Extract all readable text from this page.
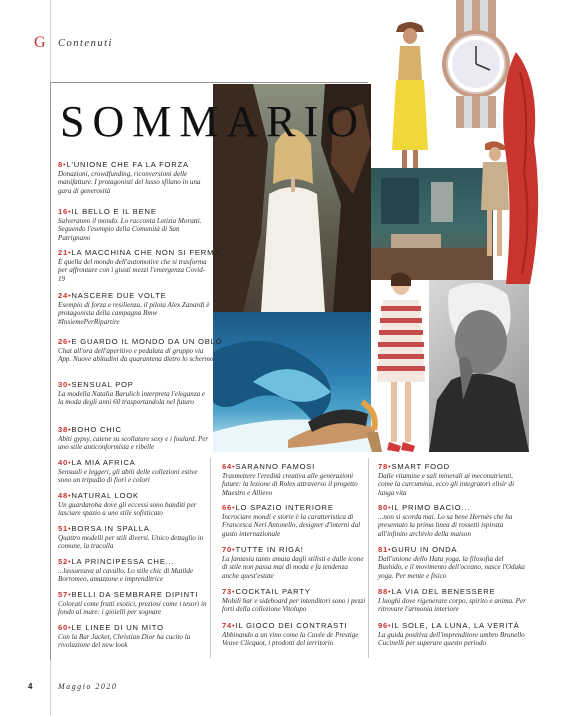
G Contenuti
SOMMARIO
8•L'UNIONE CHE FA LA FORZA
Donazioni, crowdfunding, riconversioni delle manifatture. I protagonisti del lusso sfilano in una gara di generosità
16•IL BELLO E IL BENE
Salveranno il mondo. Lo racconta Letizia Moratti. Seguendo l'esempio della Comunità di San Patrignano
21•LA MACCHINA CHE NON SI FERMA
È quella del mondo dell'automotive che si trasforma per affrontare con i giusti mezzi l'emergenza Covid-19
24•NASCERE DUE VOLTE
Esempio di forza e resilienza, il pilota Alex Zanardi è protagonista della campagna Bmw #InsiemePerRipartire
26•E GUARDO IL MONDO DA UN OBLÒ
Chat all'ora dell'aperitivo e pedalata di gruppo via App. Nuove abitudini da quarantena dietro lo schermo
30•SENSUAL POP
La modella Natalia Barulich interpreta l'eleganza e la moda degli anni 60 trasportandola nel futuro
38•BOHO CHIC
Abiti gypsy, catene su scollature sexy e i foulard. Per uno stile anticonformista e ribelle
40•LA MIA AFRICA
Sensuali e leggeri, gli abiti delle collezioni estive sono un tripudio di fiori e colori
48•NATURAL LOOK
Un guardaroba dove gli eccessi sono banditi per lasciare spazio a uno stile sofisticato
51•BORSA IN SPALLA
Quattro modelli per stili diversi. Unico dettaglio in comune, la tracolla
52•LA PRINCIPESSA CHE...
...lussureava al cavallo. Lo stile chic di Matilde Borromeo, amazzone e imprenditrice
57•BELLI DA SEMBRARE DIPINTI
Colorati come frutti esotici, preziosi come i tesori in fondo al mare: i gioielli per sognare
60•LE LINEE DI UN MITO
Con la Bar Jacket, Christian Dior ha cucito la rivoluzione del new look
64•SARANNO FAMOSI
Trasmettere l'eredità creativa alle generazioni future: la lezione di Rolex attraverso il progetto Maestro e Allievo
66•LO SPAZIO INTERIORE
Incrociare mondi e storie è la caratteristica di Francesca Neri Antonello, designer d'interni dal gusto internazionale
70•TUTTE IN RIGA!
La fantasia tanto amata dagli stilisti e dalle icone di stile non passa mai di moda e fa tendenza anche quest'estate
73•COCKTAIL PARTY
Mobili bar e sideboard per intenditori sono i pezzi forti della collezione Vitolupo
74•IL GIOCO DEI CONTRASTI
Abbinando a un vino come la Cuvée de Prestige Veuve Clicquot, i prodotti del territorio
78•SMART FOOD
Dalle vitamine e sali minerali ai meconutrienti, come la curcumina, ecco gli integratori elisir di lunga vita
80•IL PRIMO BACIO...
...non si scorda mai. Lo sa bene Hermès che ha presentato la prima linea di rossetti ispirata all'infinito archivio della maison
81•GURU IN ONDA
Dall'unione dello Hata yoga, la filosofia del Bushido, e il movimento dell'oceano, nasce l'Odaka yoga. Per mente e fisico
88•LA VIA DEL BENESSERE
I luoghi dove rigenerare corpo, spirito e anima. Per ritrovare l'armonia interiore
96•IL SOLE, LA LUNA, LA VERITÀ
La guida positiva dell'imprenditore umbro Brunello Cucinelli per superare questo periodo
4	Maggio 2020
